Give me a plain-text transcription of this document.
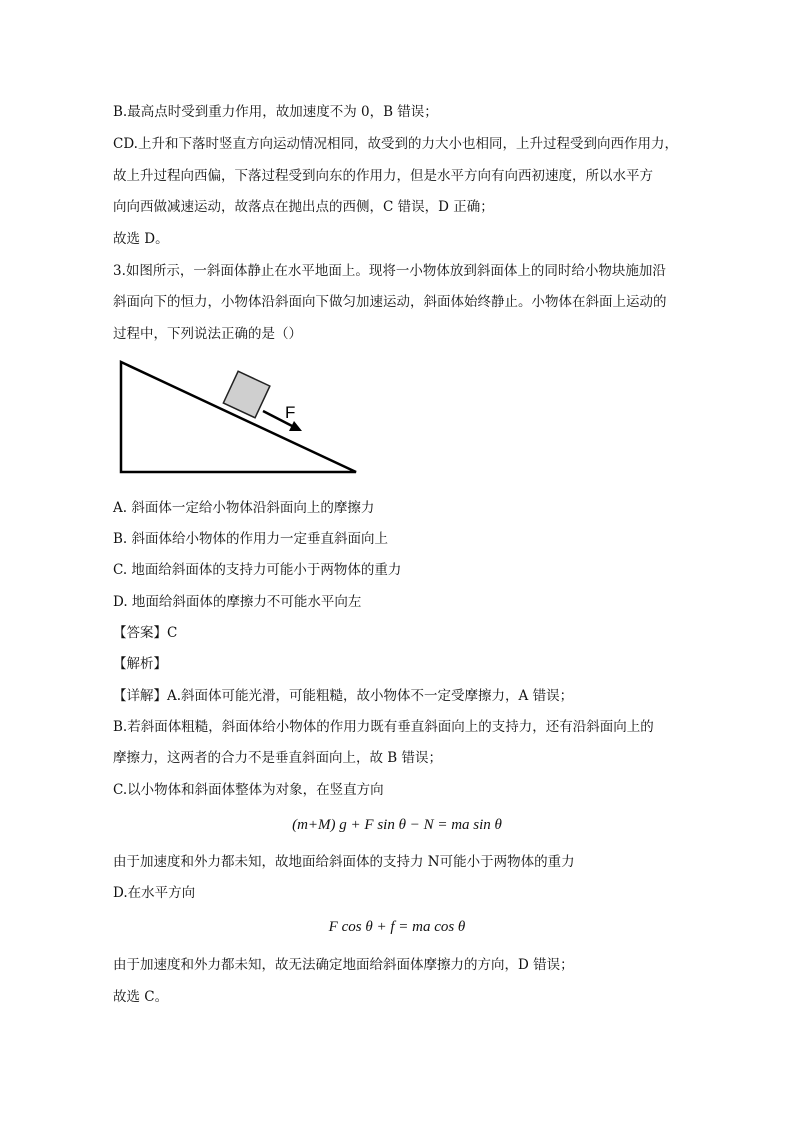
B.最高点时受到重力作用，故加速度不为 0，B 错误；
CD.上升和下落时竖直方向运动情况相同，故受到的力大小也相同，上升过程受到向西作用力，
故上升过程向西偏，下落过程受到向东的作用力，但是水平方向有向西初速度，所以水平方
向向西做减速运动，故落点在抛出点的西侧，C 错误，D 正确；
故选 D。
3.如图所示，一斜面体静止在水平地面上。现将一小物体放到斜面体上的同时给小物块施加沿
斜面向下的恒力，小物体沿斜面向下做匀加速运动，斜面体始终静止。小物体在斜面上运动的
过程中，下列说法正确的是（）
F
A. 斜面体一定给小物体沿斜面向上的摩擦力
B. 斜面体给小物体的作用力一定垂直斜面向上
C. 地面给斜面体的支持力可能小于两物体的重力
D. 地面给斜面体的摩擦力不可能水平向左
【答案】C
【解析】
【详解】A.斜面体可能光滑，可能粗糙，故小物体不一定受摩擦力，A 错误；
B.若斜面体粗糙，斜面体给小物体的作用力既有垂直斜面向上的支持力，还有沿斜面向上的
摩擦力，这两者的合力不是垂直斜面向上，故 B 错误；
C.以小物体和斜面体整体为对象，在竖直方向
(m+M) g + F sin θ − N = ma sin θ
由于加速度和外力都未知，故地面给斜面体的支持力 N可能小于两物体的重力
D.在水平方向
F cos θ + f = ma cos θ
由于加速度和外力都未知，故无法确定地面给斜面体摩擦力的方向，D 错误；
故选 C。
